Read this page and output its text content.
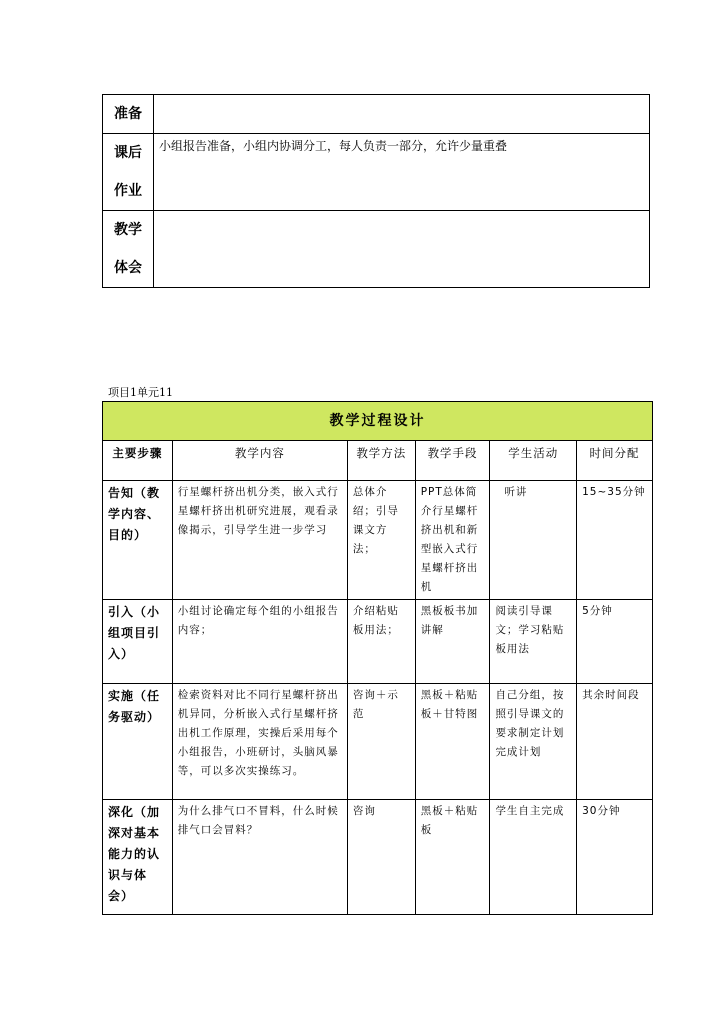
准备	

课后
作业	小组报告准备，小组内协调分工，每人负责一部分，允许少量重叠

教学
体会	

项目1单元11
教学过程设计					
主要步骤	教学内容	教学方法	教学手段	学生活动	时间分配
告知（教学内容、目的）	行星螺杆挤出机分类，嵌入式行星螺杆挤出机研究进展，观看录像揭示，引导学生进一步学习	总体介绍；引导课文方法；	PPT总体简介行星螺杆挤出机和新型嵌入式行星螺杆挤出机	听讲	15~35分钟
引入（小组项目引入）	小组讨论确定每个组的小组报告内容；	介绍粘贴板用法；	黑板板书加讲解	阅读引导课文；学习粘贴板用法	5分钟
实施（任务驱动）	检索资料对比不同行星螺杆挤出机异同，分析嵌入式行星螺杆挤出机工作原理，实操后采用每个小组报告，小班研讨，头脑风暴等，可以多次实操练习。	咨询＋示范	黑板＋粘贴板＋甘特图	自己分组，按照引导课文的要求制定计划完成计划	其余时间段
深化（加深对基本能力的认识与体会）	为什么排气口不冒料，什么时候排气口会冒料？	咨询	黑板＋粘贴板	学生自主完成	30分钟
